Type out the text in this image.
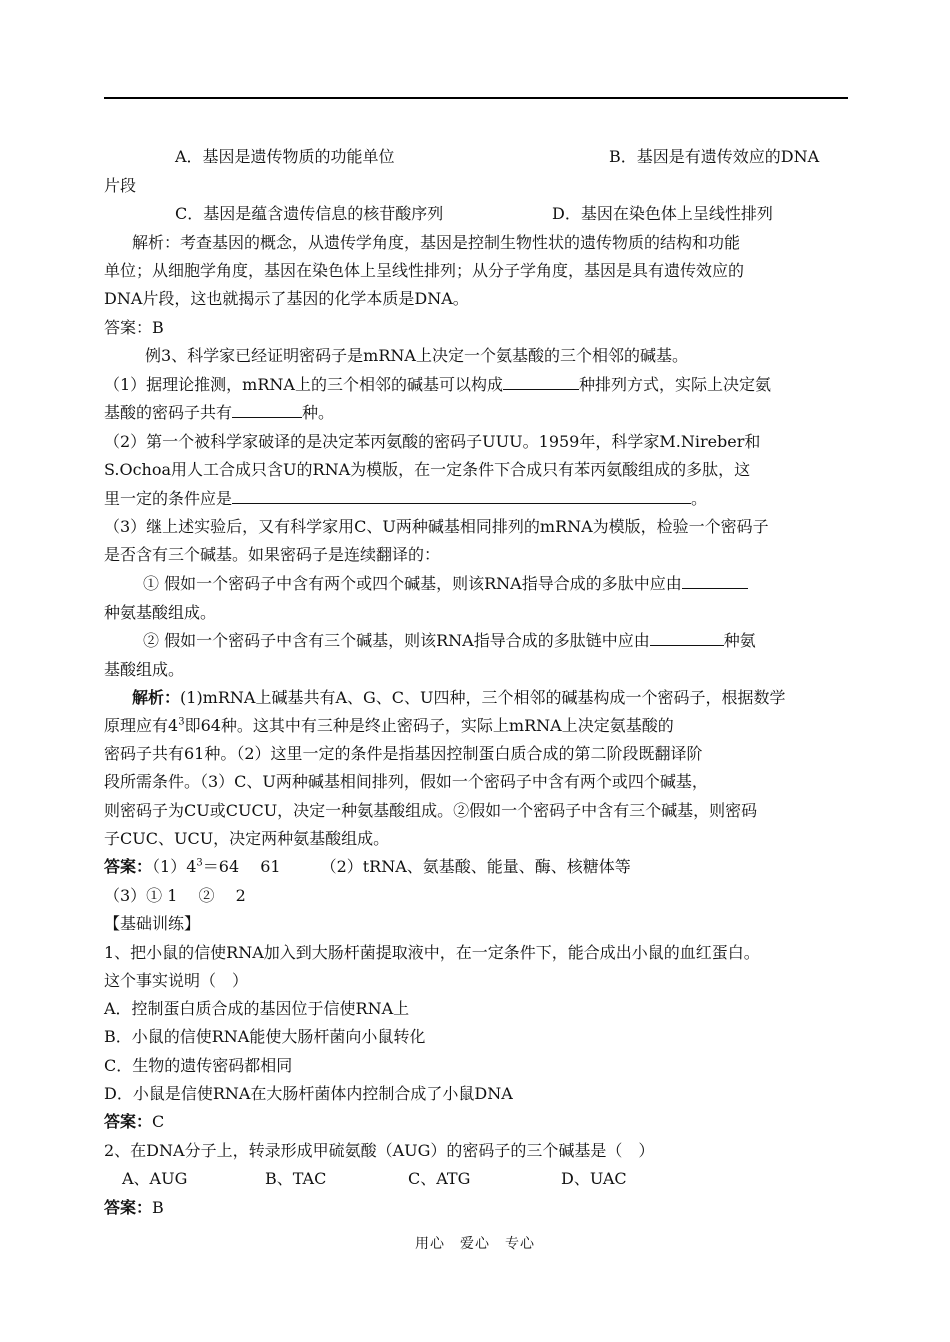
A．基因是遗传物质的功能单位	B．基因是有遗传效应的DNA
片段
C．基因是蕴含遗传信息的核苷酸序列	D．基因在染色体上呈线性排列
解析：考查基因的概念，从遗传学角度，基因是控制生物性状的遗传物质的结构和功能
单位；从细胞学角度，基因在染色体上呈线性排列；从分子学角度，基因是具有遗传效应的
DNA片段，这也就揭示了基因的化学本质是DNA。
答案：B
例3、科学家已经证明密码子是mRNA上决定一个氨基酸的三个相邻的碱基。
（1）据理论推测，mRNA上的三个相邻的碱基可以构成	种排列方式，实际上决定氨
基酸的密码子共有	种。
（2）第一个被科学家破译的是决定苯丙氨酸的密码子UUU。1959年，科学家M.Nireber和
S.Ochoa用人工合成只含U的RNA为模版，在一定条件下合成只有苯丙氨酸组成的多肽，这
里一定的条件应是	。
（3）继上述实验后，又有科学家用C、U两种碱基相同排列的mRNA为模版，检验一个密码子
是否含有三个碱基。如果密码子是连续翻译的：
① 假如一个密码子中含有两个或四个碱基，则该RNA指导合成的多肽中应由
种氨基酸组成。
② 假如一个密码子中含有三个碱基，则该RNA指导合成的多肽链中应由	种氨
基酸组成。
解析：(1)mRNA上碱基共有A、G、C、U四种，三个相邻的碱基构成一个密码子，根据数学
原理应有$4^3$即64种。这其中有三种是终止密码子，实际上mRNA上决定氨基酸的
密码子共有61种。（2）这里一定的条件是指基因控制蛋白质合成的第二阶段既翻译阶
段所需条件。（3）C、U两种碱基相间排列，假如一个密码子中含有两个或四个碱基，
则密码子为CU或CUCU，决定一种氨基酸组成。②假如一个密码子中含有三个碱基，则密码
子CUC、UCU，决定两种氨基酸组成。
答案：$(1)4^3=64$　 61　　　（2）tRNA、氨基酸、能量、酶、核糖体等
（3）① 1 　② 　2
【基础训练】
1、把小鼠的信使RNA加入到大肠杆菌提取液中，在一定条件下，能合成出小鼠的血红蛋白。
这个事实说明（　）
A．控制蛋白质合成的基因位于信使RNA上
B．小鼠的信使RNA能使大肠杆菌向小鼠转化
C．生物的遗传密码都相同
D．小鼠是信使RNA在大肠杆菌体内控制合成了小鼠DNA
答案：C
2、在DNA分子上，转录形成甲硫氨酸（AUG）的密码子的三个碱基是（　）
A、AUG	B、TAC	C、ATG	D、UAC
答案：B
用心　爱心　专心
